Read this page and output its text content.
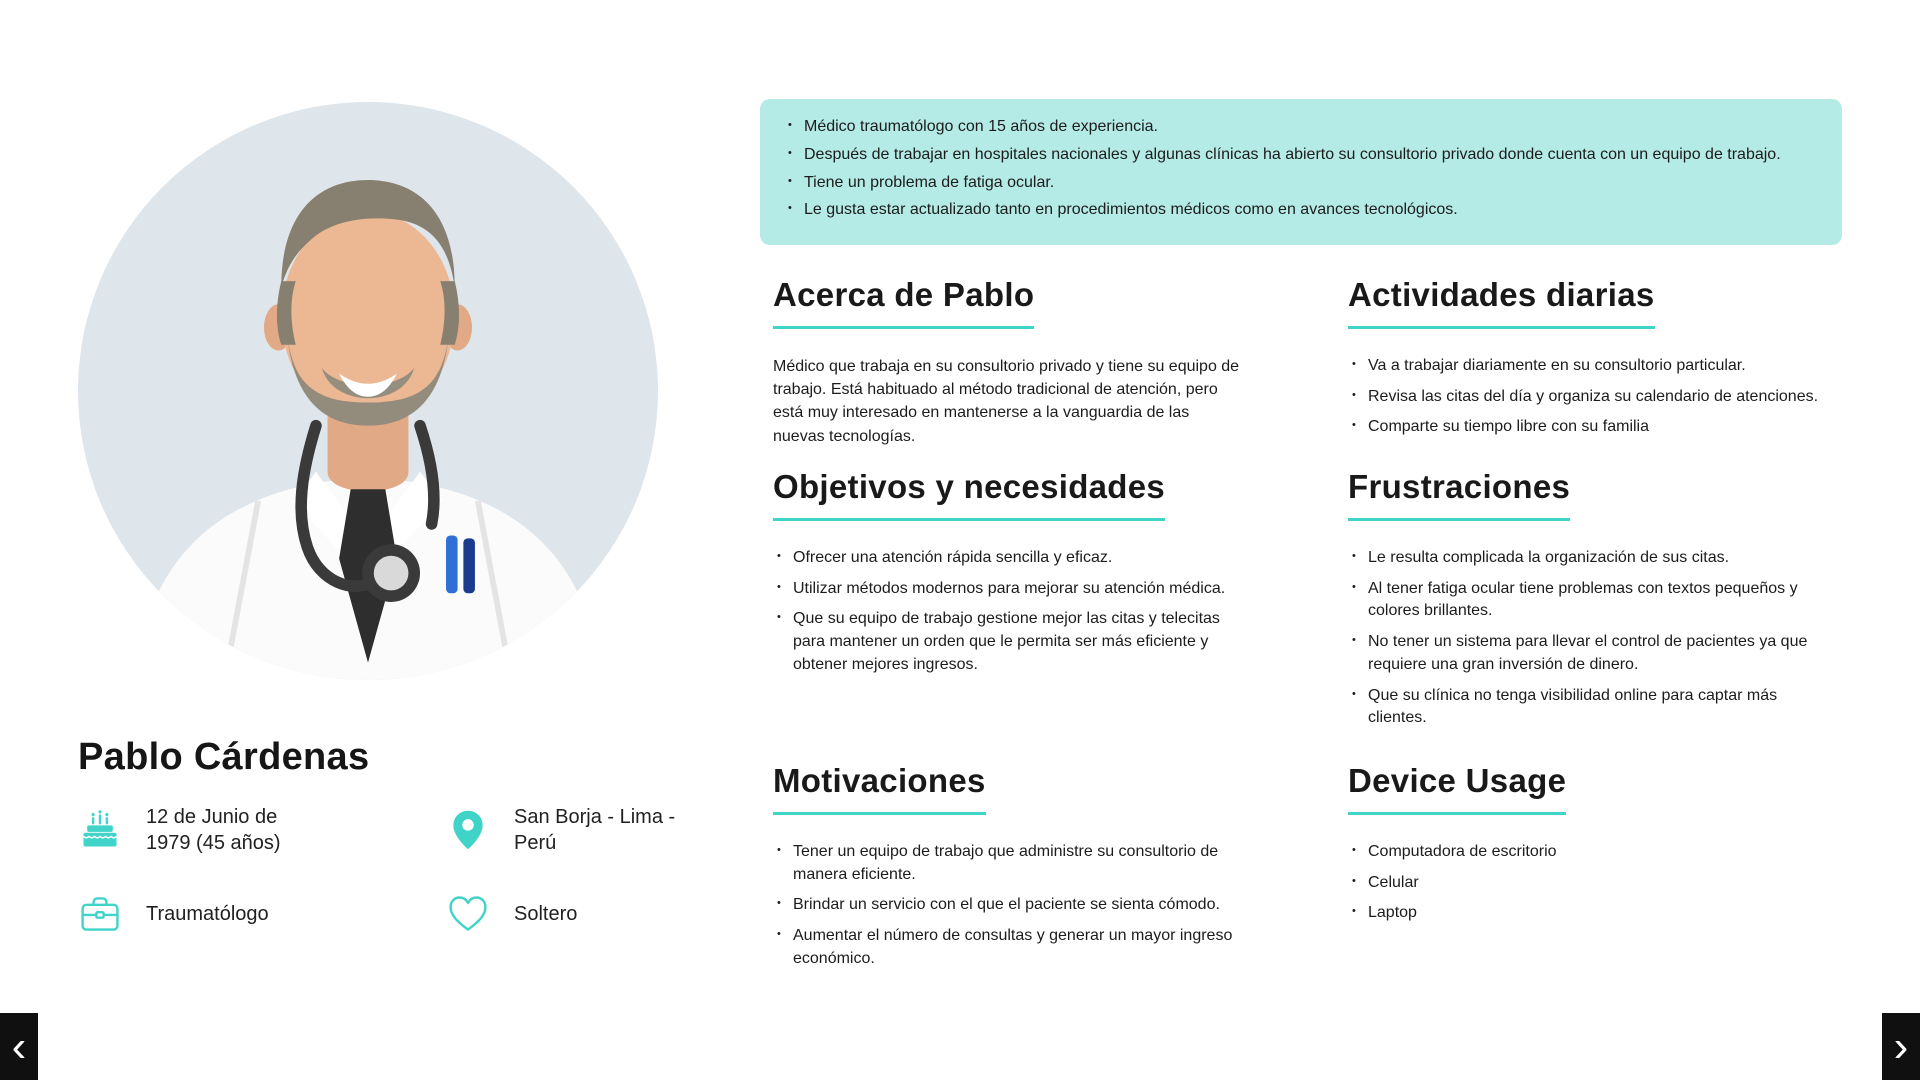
Pablo Cárdenas
12 de Junio de 1979 (45 años)
San Borja - Lima - Perú
Traumatólogo	Soltero
• Médico traumatólogo con 15 años de experiencia.
• Después de trabajar en hospitales nacionales y algunas clínicas ha abierto su consultorio privado donde cuenta con un equipo de trabajo.
• Tiene un problema de fatiga ocular.
• Le gusta estar actualizado tanto en procedimientos médicos como en avances tecnológicos.
Acerca de Pablo

Médico que trabaja en su consultorio privado y tiene su equipo de trabajo. Está habituado al método tradicional de atención, pero está muy interesado en mantenerse a la vanguardia de las nuevas tecnologías.

Actividades diarias
• Va a trabajar diariamente en su consultorio particular.
• Revisa las citas del día y organiza su calendario de atenciones.
• Comparte su tiempo libre con su familia
Objetivos y necesidades
• Ofrecer una atención rápida sencilla y eficaz.
• Utilizar métodos modernos para mejorar su atención médica.
• Que su equipo de trabajo gestione mejor las citas y telecitas para mantener un orden que le permita ser más eficiente y obtener mejores ingresos.
Frustraciones
• Le resulta complicada la organización de sus citas.
• Al tener fatiga ocular tiene problemas con textos pequeños y colores brillantes.
• No tener un sistema para llevar el control de pacientes ya que requiere una gran inversión de dinero.
• Que su clínica no tenga visibilidad online para captar más clientes.
Motivaciones
• Tener un equipo de trabajo que administre su consultorio de manera eficiente.
• Brindar un servicio con el que el paciente se sienta cómodo.
• Aumentar el número de consultas y generar un mayor ingreso económico.
Device Usage
• Computadora de escritorio
• Celular
• Laptop
‹	›
